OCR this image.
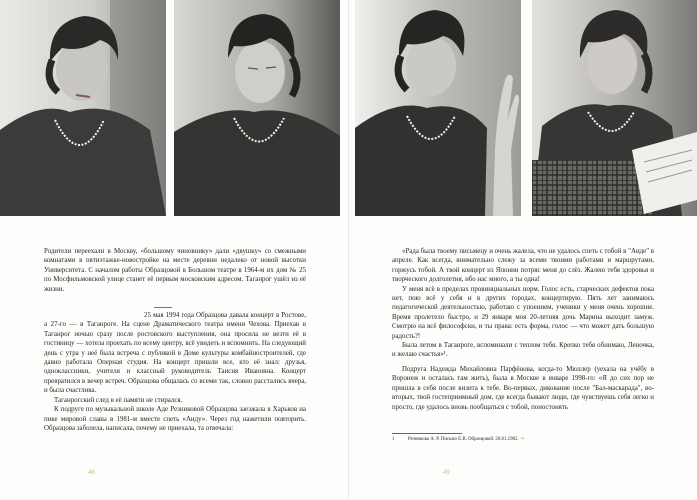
Родители переехали в Москву, «большому чиновнику» дали «двушку» со смежными комнатами в пятиэтажке-новостройке на месте деревни недалеко от новой высотки Университета. С началом работы Образцовой в Большом театре в 1964-м их дом № 25 по Мосфильмовской улице станет её первым московским адресом. Таганрог ушёл из её жизни.

25 мая 1994 года Образцова давала концерт в Ростове, а 27-го — в Таганроге. На сцене Драматического театра имени Чехова. Приехав в Таганрог ночью сразу после ростовского выступления, она просила не везти её в гостиницу — хотела проехать по всему центру, всё увидеть и вспомнить. На следующий день с утра у неё была встреча с публикой в Доме культуры комбайностроителей, где давно работала Оперная студия. На концерт пришли все, кто её знал: друзья, одноклассники, учителя и классный руководитель Таисия Ивановна. Концерт превратился в вечер встреч. Образцова общалась со всеми так, словно расстались вчера, и была счастлива.

Таганрогский след в её памяти не стирался.

К подруге по музыкальной школе Аде Резниковой Образцова заезжала в Харьков на пике мировой славы в 1981-м вместе спеть «Аиду». Через год нажетили повторить. Образцова заболела, написала, почему не приехала, та отвечала:

«Рада была твоему письмецу и очень жалела, что не удалось спеть с тобой в "Аиде" в апреле. Как всегда, внимательно слежу за всеми твоими работами и маршрутами, горжусь тобой. А твой концерт из Японии потряс меня до слёз. Жалею тебя здоровья и творческого долголетия, ибо нас много, а ты одна!

У меня всё в пределах провинциальных норм. Голос есть, старческих дефектов пока нет, пою всё у себя и в других городах, концертирую. Пять лет занимаюсь педагогической деятельностью, работаю с упоением, ученики у меня очень хорошие. Время пролетело быстро, и 29 января моя 20-летняя дочь Марина выходит замуж. Смотрю на всё философски, и ты права: есть форма, голос — что может дать большую радость?!

Была летом в Таганроге, вспоминали с теплом тебя. Крепко тебя обнимаю, Леночка, и желаю счастья»¹.

Подруга Надежда Михайловна Парфёнова, когда-то Мюллер (уехала на учёбу в Воронеж и осталась там жить), была в Москве в январе 1998-го: «Я до сих пор не пришла в себя после визита к тебе. Во-первых, дикование после "Бал-маскарада", во-вторых, твой гостеприимный дом, где всегда бывают люди, где чувствуешь себя легко и просто, где удалось вновь пообщаться с тобой, поностонять

1	Резникова А. Р. Письмо Е.В. Образцовой. 20.01.1982. ❧
48	49
